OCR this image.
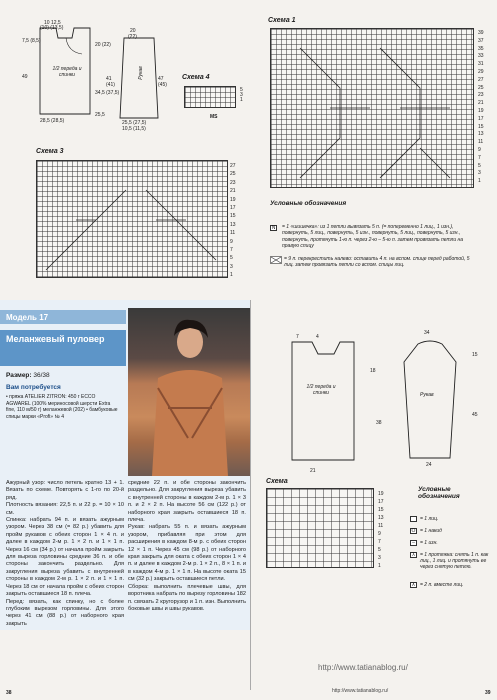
10 12,5
(10) (13,5)
7,5 (8,5)
49
20 (22)
34,5 (37,5)
25,5
28,5 (28,5)
1/2 переда и спинки
20
(22)
41 (41)
47 (45)
25,5 (27,5)
10,5 (11,5)
Рукав	Схема 4
5
3
1
MS
Схема 1
39
37
35
33
31
29
27
25
23
21
19
17
15
13
11
9
7
5
3
1
Схема 3
27
25
23
21
19
17
15
13
11
9
7
5
3
1
Условные обозначения
N	= 1 «шишечка»: из 1 петли вывязать 5 п. (= попеременно 1 лиц., 1 изн.), повернуть, 5 лиц., повернуть, 5 изн., повернуть, 5 лиц., повернуть, 5 изн., повернуть, протянуть 1-ю п. через 2-ю – 5-ю п. затем провязать петли на правую спицу
= 9 п. перекрестить налево: оставить 4 п. на вспом. спице перед работой, 5 лиц. затем провязать петли со вспом. спицы лиц.
Модель 17
Меланжевый пуловер
Размер: 36/38
Вам потребуется
• пряжа ATELIER ZITRON: 450 г ECCO AGWAREL (100% мериносовой шерсти Extra fine, 110 м/50 г) меланжевой (202) • бамбуковые спицы марки «Profi» № 4

Ажурный узор: число петель кратно 13 + 1. Вязать по схеме. Повторять с 1-го по 20-й ряд.

Плотность вязания: 22,5 п. и 22 р. = 10 × 10 см.

Спинка: набрать 94 п. и вязать ажурным узором. Через 38 см (= 82 р.) убавить для пройм рукавов с обеих сторон 1 × 4 п. и далее в каждом 2-м р. 1 × 2 п. и 1 × 1 п. Через 16 см (34 р.) от начала пройм закрыть для выреза горловины средние 36 п. и обе стороны закончить раздельно. Для закругления выреза убавить с внутренней стороны в каждом 2-м р. 1 × 2 п. и 1 × 1 п. Через 18 см от начала пройм с обеих сторон закрыть оставшиеся 18 п. плеча.

Перед: вязать, как спинку, но с более глубоким вырезом горловины. Для этого через 41 см (88 р.) от наборного края закрыть

средние 22 п. и обе стороны закончить раздельно. Для закругления выреза убавить с внутренней стороны в каждом 2-м р. 1 × 3 п. и 2 × 2 п. На высоте 56 см (122 р.) от наборного края закрыть оставшиеся 18 п. плеча.

Рукав: набрать 55 п. и вязать ажурным узором, прибавляя при этом для расширения в каждом 8-м р. с обеих сторон 12 × 1 п. Через 45 см (98 р.) от наборного края закрыть для оката с обеих сторон 1 × 4 п. и далее в каждом 2-м р. 1 × 2 п., 8 × 1 п. и в каждом 4-м р. 1 × 1 п. На высоте оката 15 см (32 р.) закрыть оставшиеся петли.

Сборка: выполнить плечевые швы, для воротника набрать по вырезу горловины 182 п. связать 2 кругорузор и 1 п. изн. Выполнить боковые швы и швы рукавов.

7	4
18
38
21
1/2 переда и спинки
34
15
45
24
Рукав
Схема
19
17
15
13
11
9
7
5
3
1
Условные обозначения
= 1 лиц.
O = 1 накид
–	= 1 изн.
λ	= 1 протяжка: снять 1 п. как лиц., 1 лиц. и протянуть ее через снятую петлю.
∧ = 2 п. вместе лиц.
http://www.tatianablog.ru/
http://www.tatianablog.ru/
38	39
